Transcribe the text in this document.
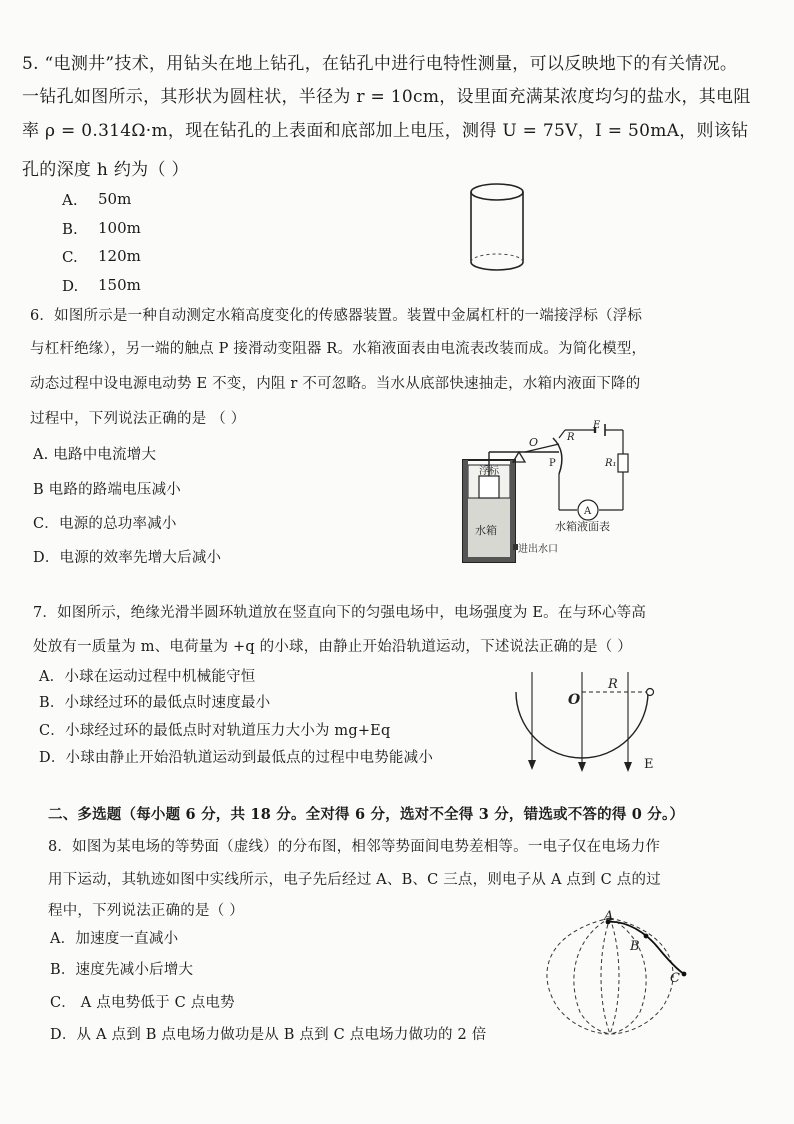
5. “电测井”技术，用钻头在地上钻孔，在钻孔中进行电特性测量，可以反映地下的有关情况。
一钻孔如图所示，其形状为圆柱状，半径为 r = 10cm，设里面充满某浓度均匀的盐水，其电阻
率 ρ = 0.314Ω·m，现在钻孔的上表面和底部加上电压，测得 U = 75V，I = 50mA，则该钻
孔的深度 h 约为（ ）
A. 50m
B. 100m
C. 120m
D. 150m
6．如图所示是一种自动测定水箱高度变化的传感器装置。装置中金属杠杆的一端接浮标（浮标
与杠杆绝缘），另一端的触点 P 接滑动变阻器 R。水箱液面表由电流表改装而成。为简化模型，
动态过程中设电源电动势 E 不变，内阻 r 不可忽略。当水从底部快速抽走，水箱内液面下降的
过程中，下列说法正确的是 （ ）
A. 电路中电流增大
B 电路的路端电压减小
C．电源的总功率减小
D．电源的效率先增大后减小
A
浮标
水箱
O
P
R
E
R₁
水箱液面表
进出水口
7．如图所示，绝缘光滑半圆环轨道放在竖直向下的匀强电场中，电场强度为 E。在与环心等高
处放有一质量为 m、电荷量为 +q 的小球，由静止开始沿轨道运动，下述说法正确的是（ ）
A．小球在运动过程中机械能守恒
B．小球经过环的最低点时速度最小
C．小球经过环的最低点时对轨道压力大小为 mg+Eq
D．小球由静止开始沿轨道运动到最低点的过程中电势能减小
O
R
E
二、多选题（每小题 6 分，共 18 分。全对得 6 分，选对不全得 3 分，错选或不答的得 0 分。）
8．如图为某电场的等势面（虚线）的分布图，相邻等势面间电势差相等。一电子仅在电场力作
用下运动，其轨迹如图中实线所示，电子先后经过 A、B、C 三点，则电子从 A 点到 C 点的过
程中，下列说法正确的是（ ）
A．加速度一直减小
B．速度先减小后增大
C． A 点电势低于 C 点电势
D．从 A 点到 B 点电场力做功是从 B 点到 C 点电场力做功的 2 倍
A
B
C
